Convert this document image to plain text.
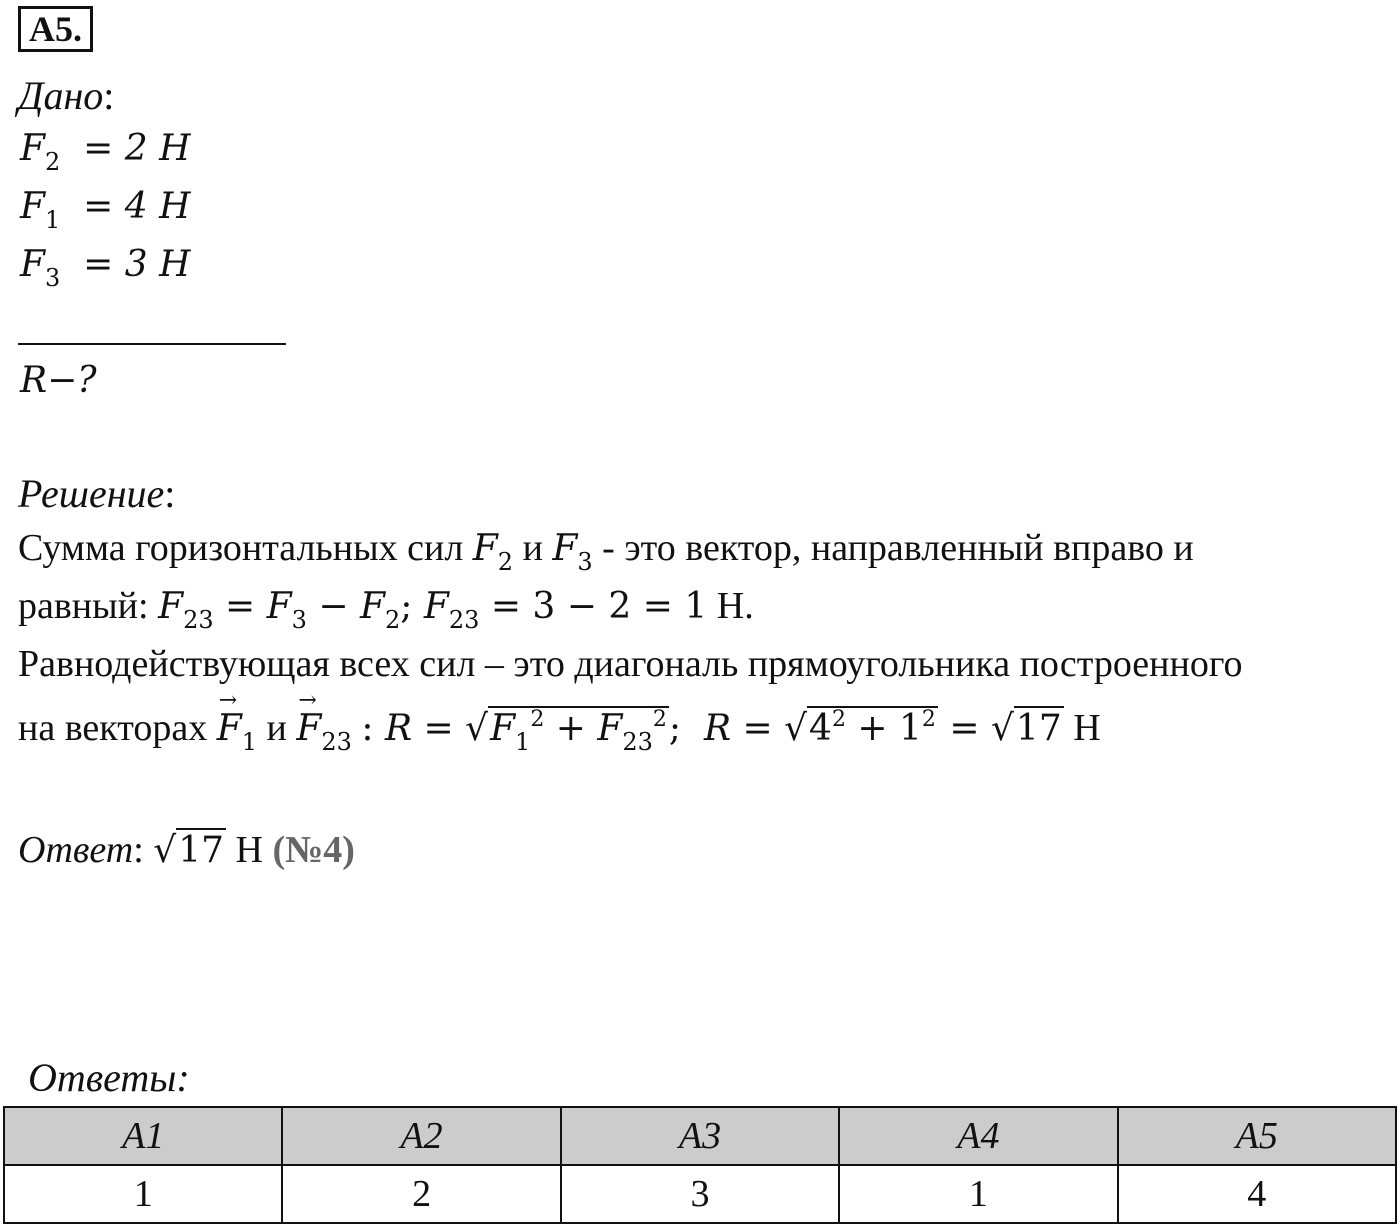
А5.
Дано:
$F_2 = 2$ H
$F_1 = 4$ H
$F_3 = 3$ H
R−?
Решение:
Сумма горизонтальных сил $F_2$ и $F_3$ - это вектор, направленный вправо и
равный: $F_{23} = F_3 - F_2$; $F_{23} = 3 - 2 = 1$ Н.
Равнодействующая всех сил – это диагональ прямоугольника построенного
на векторах → $F_1$ $и \to F_{23}$ : $R = √F_1^2 + F_{23}^2$;  $R = √4^2 + 1^2 = √17$ Н
Ответ: √17 Н (№4)
Ответы:
A1	A2	A3	A4	A5
1	2	3	1	4
